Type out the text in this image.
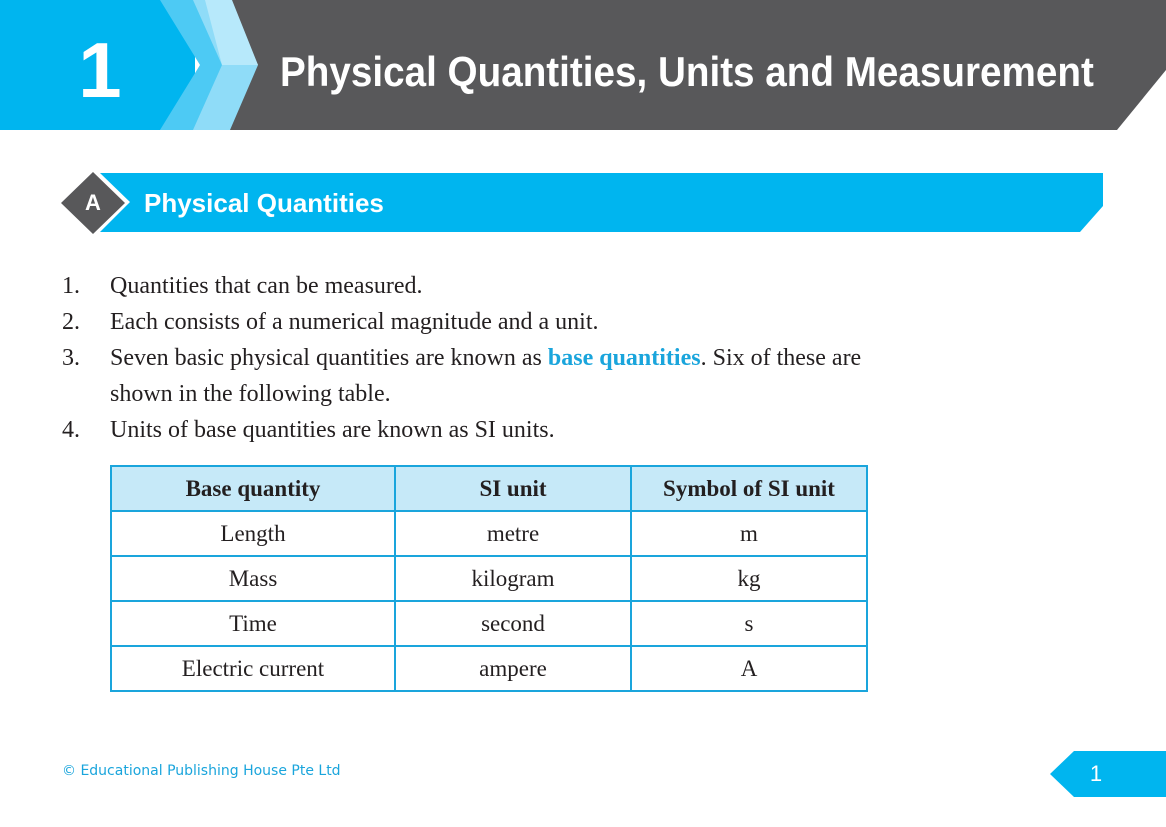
1	Physical Quantities, Units and Measurement
A Physical Quantities
1. Quantities that can be measured.
2. Each consists of a numerical magnitude and a unit.
3. Seven basic physical quantities are known as base quantities. Six of these are shown in the following table.
4. Units of base quantities are known as SI units.
Base quantity	SI unit	Symbol of SI unit
Length	metre	m
Mass	kilogram	kg
Time	second	s
Electric current	ampere	A
© Educational Publishing House Pte Ltd	1
